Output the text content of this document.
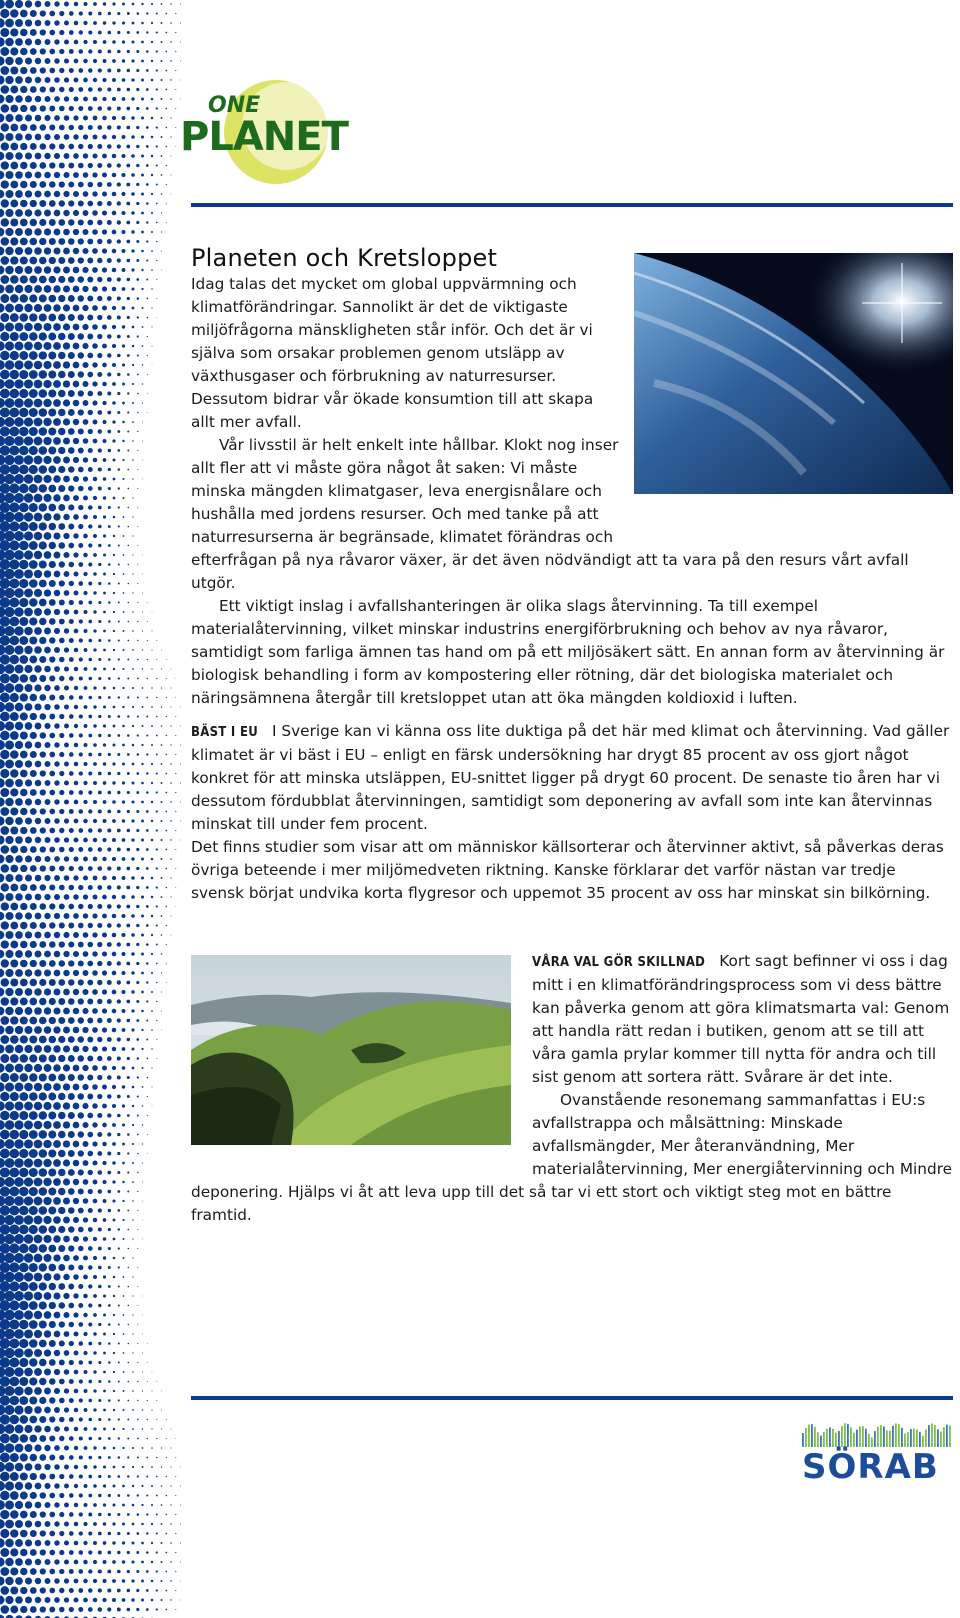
ONE
PLANET
Planeten och Kretsloppet

Idag talas det mycket om global uppvärmning och klimatförändringar. Sannolikt är det de viktigaste miljöfrågorna mänskligheten står inför. Och det är vi själva som orsakar problemen genom utsläpp av växthusgaser och förbrukning av naturresurser. Dessutom bidrar vår ökade konsumtion till att skapa allt mer avfall.

Vår livsstil är helt enkelt inte hållbar. Klokt nog inser allt fler att vi måste göra något åt saken: Vi måste minska mängden klimatgaser, leva energisnålare och hushålla med jordens resurser. Och med tanke på att naturresurserna är begränsade, klimatet förändras och efterfrågan på nya råvaror växer, är det även nödvändigt att ta vara på den resurs vårt avfall utgör.

Ett viktigt inslag i avfallshanteringen är olika slags återvinning. Ta till exempel materialåtervinning, vilket minskar industrins energiförbrukning och behov av nya råvaror, samtidigt som farliga ämnen tas hand om på ett miljösäkert sätt. En annan form av återvinning är biologisk behandling i form av kompostering eller rötning, där det biologiska materialet och näringsämnena återgår till kretsloppet utan att öka mängden koldioxid i luften.

BÄST I EU I Sverige kan vi känna oss lite duktiga på det här med klimat och återvinning. Vad gäller klimatet är vi bäst i EU – enligt en färsk undersökning har drygt 85 procent av oss gjort något konkret för att minska utsläppen, EU-snittet ligger på drygt 60 procent. De senaste tio åren har vi dessutom fördubblat återvinningen, samtidigt som deponering av avfall som inte kan återvinnas minskat till under fem procent.

Det finns studier som visar att om människor källsorterar och återvinner aktivt, så påverkas deras övriga beteende i mer miljömedveten riktning. Kanske förklarar det varför nästan var tredje svensk börjat undvika korta flygresor och uppemot 35 procent av oss har minskat sin bilkörning.

VÅRA VAL GÖR SKILLNAD Kort sagt befinner vi oss i dag mitt i en klimatförändringsprocess som vi dess bättre kan påverka genom att göra klimatsmarta val: Genom att handla rätt redan i butiken, genom att se till att våra gamla prylar kommer till nytta för andra och till sist genom att sortera rätt. Svårare är det inte.

Ovanstående resonemang sammanfattas i EU:s avfallstrappa och målsättning: Minskade avfallsmängder, Mer återanvändning, Mer materialåtervinning, Mer energiåtervinning och Mindre deponering. Hjälps vi åt att leva upp till det så tar vi ett stort och viktigt steg mot en bättre framtid.

SÖRAB
